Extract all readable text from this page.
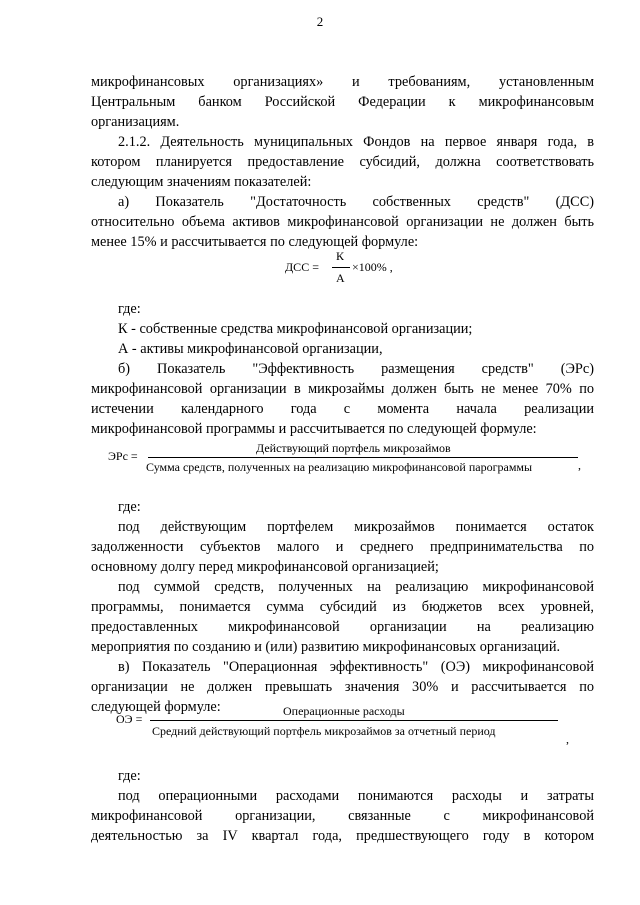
2
микрофинансовых организациях» и требованиям, установленным
Центральным банком Российской Федерации к микрофинансовым
организациям.
2.1.2. Деятельность муниципальных Фондов на первое января года, в
котором планируется предоставление субсидий, должна соответствовать
следующим значениям показателей:
а) Показатель "Достаточность собственных средств" (ДСС)
относительно объема активов микрофинансовой организации не должен быть
менее 15% и рассчитывается по следующей формуле:
ДСС =
К
А
×100% ,
где:
К - собственные средства микрофинансовой организации;
А - активы микрофинансовой организации,
б) Показатель "Эффективность размещения средств" (ЭРс)
микрофинансовой организации в микрозаймы должен быть не менее 70% по
истечении календарного года с момента начала реализации
микрофинансовой программы и рассчитывается по следующей формуле:
ЭРс =
Действующий портфель микрозаймов
Сумма средств, полученных на реализацию микрофинансовой парограммы	,
где:
под действующим портфелем микрозаймов понимается остаток
задолженности субъектов малого и среднего предпринимательства по
основному долгу перед микрофинансовой организацией;
под суммой средств, полученных на реализацию микрофинансовой
программы, понимается сумма субсидий из бюджетов всех уровней,
предоставленных микрофинансовой организации на реализацию
мероприятия по созданию и (или) развитию микрофинансовых организаций.
в) Показатель "Операционная эффективность" (ОЭ) микрофинансовой
организации не должен превышать значения 30% и рассчитывается по
следующей формуле:
ОЭ =
Операционные расходы
Средний действующий портфель микрозаймов за отчетный период
,
где:
под операционными расходами понимаются расходы и затраты
микрофинансовой организации, связанные с микрофинансовой
деятельностью за IV квартал года, предшествующего году в котором
